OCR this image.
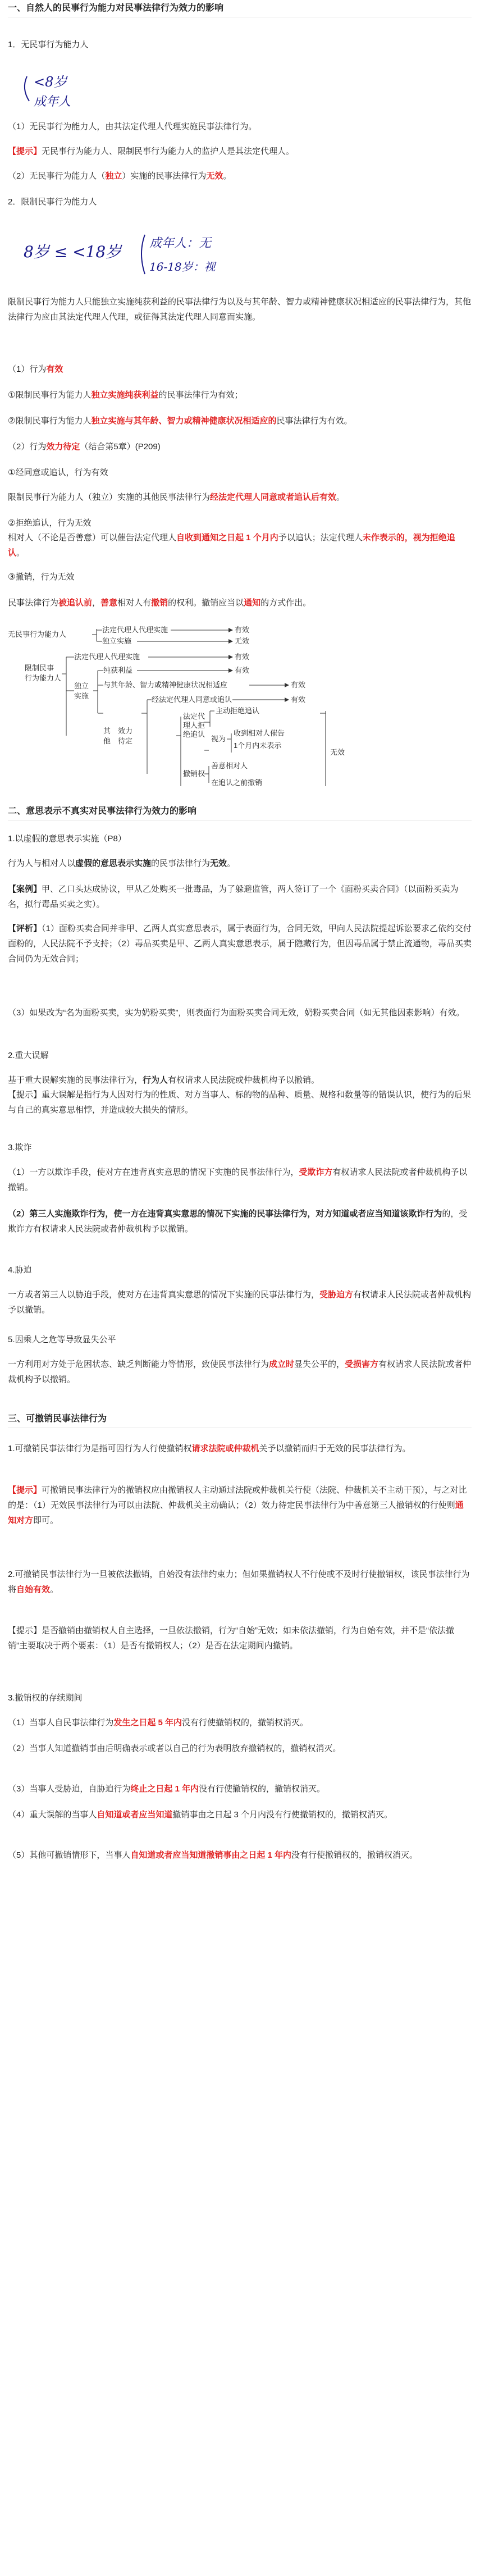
一、自然人的民事行为能力对民事法律行为效力的影响

1．无民事行为能力人

<8岁
成年人

（1）无民事行为能力人，由其法定代理人代理实施民事法律行为。

【提示】无民事行为能力人、限制民事行为能力人的监护人是其法定代理人。

（2）无民事行为能力人（独立）实施的民事法律行为无效。

2．限制民事行为能力人

8岁 ≤ <18岁 成年人：无
16-18岁：视

限制民事行为能力人只能独立实施纯获利益的民事法律行为以及与其年龄、智力或精神健康状况相适应的民事法律行为，其他法律行为应由其法定代理人代理，或征得其法定代理人同意而实施。

（1）行为有效

①限制民事行为能力人独立实施纯获利益的民事法律行为有效；

②限制民事行为能力人独立实施与其年龄、智力或精神健康状况相适应的民事法律行为有效。

（2）行为效力待定（结合第5章）(P209)

①经同意或追认，行为有效

限制民事行为能力人（独立）实施的其他民事法律行为经法定代理人同意或者追认后有效。

②拒绝追认，行为无效

相对人（不论是否善意）可以催告法定代理人自收到通知之日起 1 个月内予以追认；法定代理人未作表示的，视为拒绝追认。

③撤销，行为无效

民事法律行为被追认前，善意相对人有撤销的权利。撤销应当以通知的方式作出。

无民事行为能力人
法定代理人代理实施
独立实施
有效
无效
限制民事
行为能力人
法定代理人代理实施	有效
独立
实施
纯获利益
与其年龄、智力或精神健康状况相适应
有效
有效
其
他
效力
待定
经法定代理人同意或追认	有效
法定代
理人拒
绝追认
主动拒绝追认
视为
收到相对人催告
1个月内未表示
撤销权
善意相对人
在追认之前撤销
无效
二、意思表示不真实对民事法律行为效力的影响

1.以虚假的意思表示实施（P8）

行为人与相对人以虚假的意思表示实施的民事法律行为无效。

【案例】甲、乙口头达成协议，甲从乙处购买一批毒品，为了躲避监管，两人签订了一个《面粉买卖合同》（以面粉买卖为名，拟行毒品买卖之实）。

【评析】（1）面粉买卖合同并非甲、乙两人真实意思表示，属于表面行为，合同无效，甲向人民法院提起诉讼要求乙依约交付面粉的，人民法院不予支持；（2）毒品买卖是甲、乙两人真实意思表示，属于隐藏行为，但因毒品属于禁止流通物，毒品买卖合同仍为无效合同；

（3）如果改为“名为面粉买卖，实为奶粉买卖”，则表面行为面粉买卖合同无效，奶粉买卖合同（如无其他因素影响）有效。

2.重大误解

基于重大误解实施的民事法律行为，行为人有权请求人民法院或仲裁机构予以撤销。

【提示】重大误解是指行为人因对行为的性质、对方当事人、标的物的品种、质量、规格和数量等的错误认识，使行为的后果与自己的真实意思相悖，并造成较大损失的情形。

3.欺诈

（1）一方以欺诈手段，使对方在违背真实意思的情况下实施的民事法律行为，受欺诈方有权请求人民法院或者仲裁机构予以撤销。

（2）第三人实施欺诈行为，使一方在违背真实意思的情况下实施的民事法律行为，对方知道或者应当知道该欺诈行为的，受欺诈方有权请求人民法院或者仲裁机构予以撤销。

4.胁迫

一方或者第三人以胁迫手段，使对方在违背真实意思的情况下实施的民事法律行为，受胁迫方有权请求人民法院或者仲裁机构予以撤销。

5.因乘人之危等导致显失公平

一方利用对方处于危困状态、缺乏判断能力等情形，致使民事法律行为成立时显失公平的，受损害方有权请求人民法院或者仲裁机构予以撤销。

三、可撤销民事法律行为

1.可撤销民事法律行为是指可因行为人行使撤销权请求法院或仲裁机关予以撤销而归于无效的民事法律行为。

【提示】可撤销民事法律行为的撤销权应由撤销权人主动通过法院或仲裁机关行使（法院、仲裁机关不主动干预），与之对比的是：（1）无效民事法律行为可以由法院、仲裁机关主动确认；（2）效力待定民事法律行为中善意第三人撤销权的行使则通知对方即可。

2.可撤销民事法律行为一旦被依法撤销，自始没有法律约束力；但如果撤销权人不行使或不及时行使撤销权，该民事法律行为将自始有效。

【提示】是否撤销由撤销权人自主选择，一旦依法撤销，行为“自始”无效；如未依法撤销，行为自始有效，并不是“依法撤销”主要取决于两个要素：（1）是否有撤销权人；（2）是否在法定期间内撤销。

3.撤销权的存续期间

（1）当事人自民事法律行为发生之日起 5 年内没有行使撤销权的，撤销权消灭。

（2）当事人知道撤销事由后明确表示或者以自己的行为表明放弃撤销权的，撤销权消灭。

（3）当事人受胁迫，自胁迫行为终止之日起 1 年内没有行使撤销权的，撤销权消灭。

（4）重大误解的当事人自知道或者应当知道撤销事由之日起 3 个月内没有行使撤销权的，撤销权消灭。

（5）其他可撤销情形下，当事人自知道或者应当知道撤销事由之日起 1 年内没有行使撤销权的，撤销权消灭。
